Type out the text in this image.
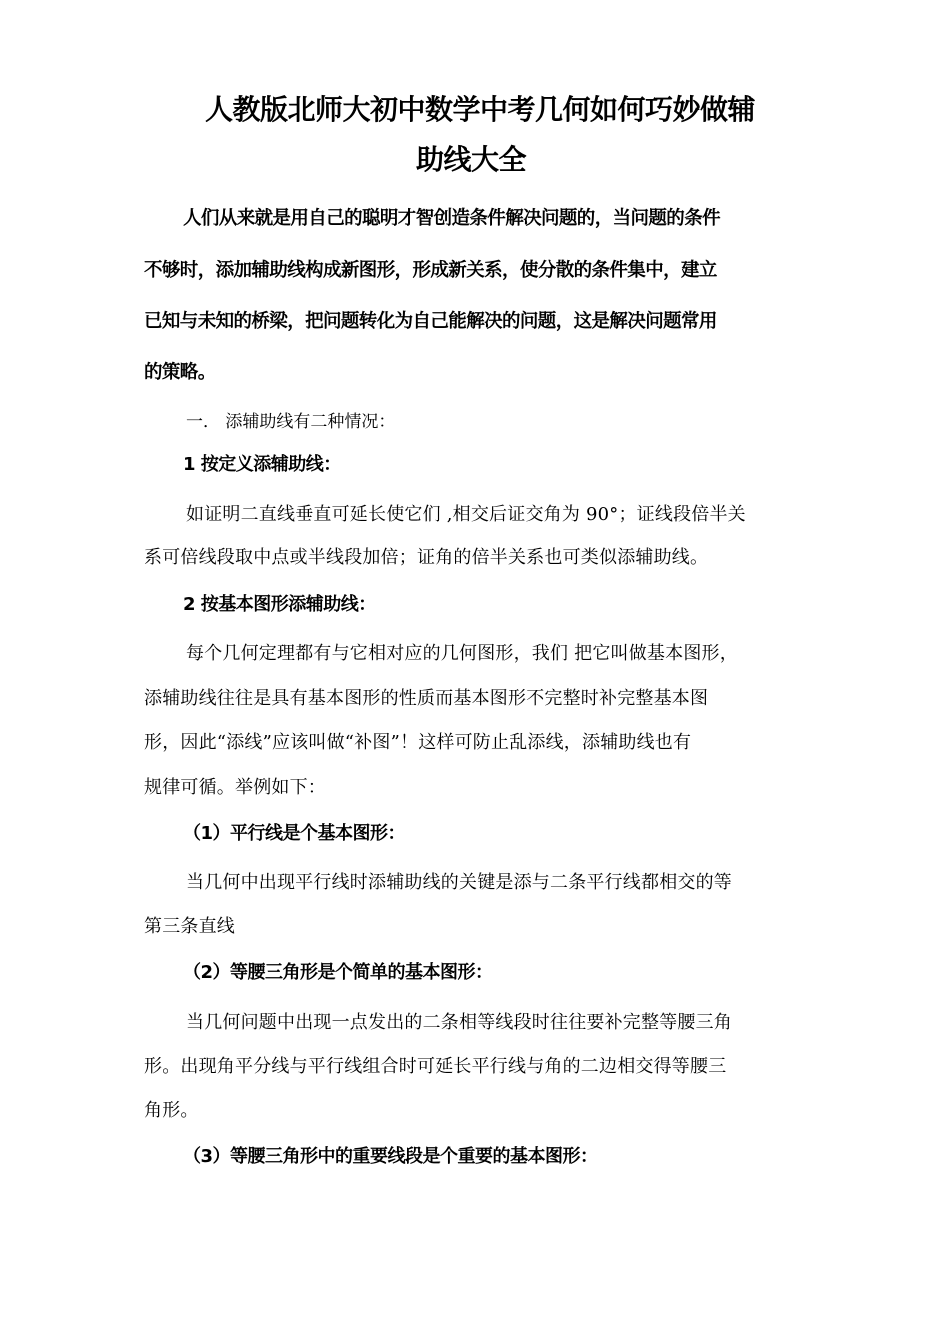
人教版北师大初中数学中考几何如何巧妙做辅
助线大全
人们从来就是用自己的聪明才智创造条件解决问题的，当问题的条件
不够时，添加辅助线构成新图形，形成新关系，使分散的条件集中，建立
已知与未知的桥梁，把问题转化为自己能解决的问题，这是解决问题常用
的策略。
一． 添辅助线有二种情况：
1 按定义添辅助线：
如证明二直线垂直可延长使它们 ,相交后证交角为 90°；证线段倍半关
系可倍线段取中点或半线段加倍；证角的倍半关系也可类似添辅助线。
2 按基本图形添辅助线：
每个几何定理都有与它相对应的几何图形，我们 把它叫做基本图形，
添辅助线往往是具有基本图形的性质而基本图形不完整时补完整基本图
形，因此“添线”应该叫做“补图”！这样可防止乱添线，添辅助线也有
规律可循。举例如下：
（1）平行线是个基本图形：
当几何中出现平行线时添辅助线的关键是添与二条平行线都相交的等
第三条直线
（2）等腰三角形是个简单的基本图形：
当几何问题中出现一点发出的二条相等线段时往往要补完整等腰三角
形。出现角平分线与平行线组合时可延长平行线与角的二边相交得等腰三
角形。
（3）等腰三角形中的重要线段是个重要的基本图形：
